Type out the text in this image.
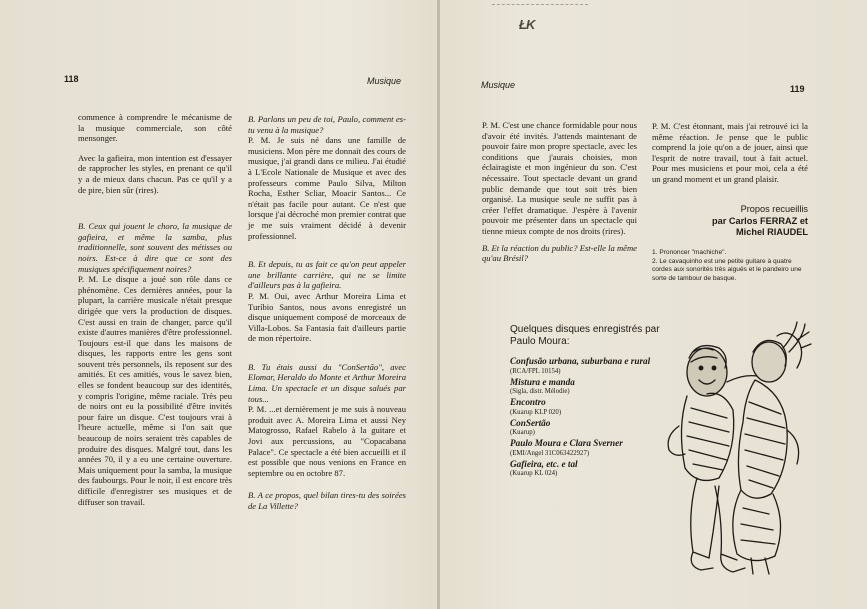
118	Musique

commence à comprendre le mécanisme de la musique commerciale, son côté mensonger.

Avec la gafieira, mon intention est d'essayer de rapprocher les styles, en prenant ce qu'il y a de mieux dans chacun. Pas ce qu'il y a de pire, bien sûr (rires).

B. Ceux qui jouent le choro, la musique de gafieira, et même la samba, plus traditionnelle, sont souvent des métisses ou noirs. Est-ce à dire que ce sont des musiques spécifiquement noires?

P. M. Le disque a joué son rôle dans ce phénomène. Ces dernières années, pour la plupart, la carrière musicale n'était presque dirigée que vers la production de disques. C'est aussi en train de changer, parce qu'il existe d'autres manières d'être professionnel. Toujours est-il que dans les maisons de disques, les rapports entre les gens sont souvent très personnels, ils reposent sur des amitiés. Et ces amitiés, vous le savez bien, elles se fondent beaucoup sur des identités, y compris l'origine, même raciale. Très peu de noirs ont eu la possibilité d'être invités pour faire un disque. C'est toujours vrai à l'heure actuelle, même si l'on sait que beaucoup de noirs seraient très capables de produire des disques. Malgré tout, dans les années 70, il y a eu une certaine ouverture. Mais uniquement pour la samba, la musique des faubourgs. Pour le noir, il est encore très difficile d'enregistrer ses musiques et de diffuser son travail.

B. Parlons un peu de toi, Paulo, comment es-tu venu à la musique?

P. M. Je suis né dans une famille de musiciens. Mon père me donnait des cours de musique, j'ai grandi dans ce milieu. J'ai étudié à L'Ecole Nationale de Musique et avec des professeurs comme Paulo Silva, Milton Rocha, Esther Scliar, Moacir Santos... Ce n'était pas facile pour autant. Ce n'est que lorsque j'ai décroché mon premier contrat que je me suis vraiment décidé à devenir professionnel.

B. Et depuis, tu as fait ce qu'on peut appeler une brillante carrière, qui ne se limite d'ailleurs pas à la gafieira.

P. M. Oui, avec Arthur Moreira Lima et Turíbio Santos, nous avons enregistré un disque uniquement composé de morceaux de Villa-Lobos. Sa Fantasia fait d'ailleurs partie de mon répertoire.

B. Tu étais aussi du "ConSertão", avec Elomar, Heraldo do Monte et Arthur Moreira Lima. Un spectacle et un disque salués par tous...

P. M. ...et dernièrement je me suis à nouveau produit avec A. Moreira Lima et aussi Ney Matogrosso, Rafael Rabelo à la guitare et Jovi aux percussions, au "Copacabana Palace". Ce spectacle a été bien accueilli et il est possible que nous venions en France en septembre ou en octobre 87.

B. A ce propos, quel bilan tires-tu des soirées de La Villette?

ŁK
Musique	119

P. M. C'est une chance formidable pour nous d'avoir été invités. J'attends maintenant de pouvoir faire mon propre spectacle, avec les conditions que j'aurais choisies, mon éclairagiste et mon ingénieur du son. C'est nécessaire. Tout spectacle devant un grand public demande que tout soit très bien organisé. La musique seule ne suffit pas à créer l'effet dramatique. J'espère à l'avenir pouvoir me présenter dans un spectacle qui tienne mieux compte de nos droits (rires).

B. Et la réaction du public? Est-elle la même qu'au Brésil?

P. M. C'est étonnant, mais j'ai retrouvé ici la même réaction. Je pense que le public comprend la joie qu'on a de jouer, ainsi que l'esprit de notre travail, tout à fait actuel. Pour mes musiciens et pour moi, cela a été un grand moment et un grand plaisir.

Propos recueillis
par Carlos FERRAZ et
Michel RIAUDEL
1. Prononcer "machiche".
2. Le cavaquinho est une petite guitare à quatre cordes aux sonorités très aiguës et le pandeiro une sorte de tambour de basque.
Quelques disques enregistrés par Paulo Moura:
Confusão urbana, suburbana e rural
(RCA/FPL 10154)
Mistura e manda
(Sigla, distr. Mélodie)
Encontro
(Kuarup KLP 020)
ConSertão
(Kuarup)
Paulo Moura e Clara Sverner
(EMI/Angel 31C063422927)
Gafieira, etc. e tal
(Kuarup KL 024)
